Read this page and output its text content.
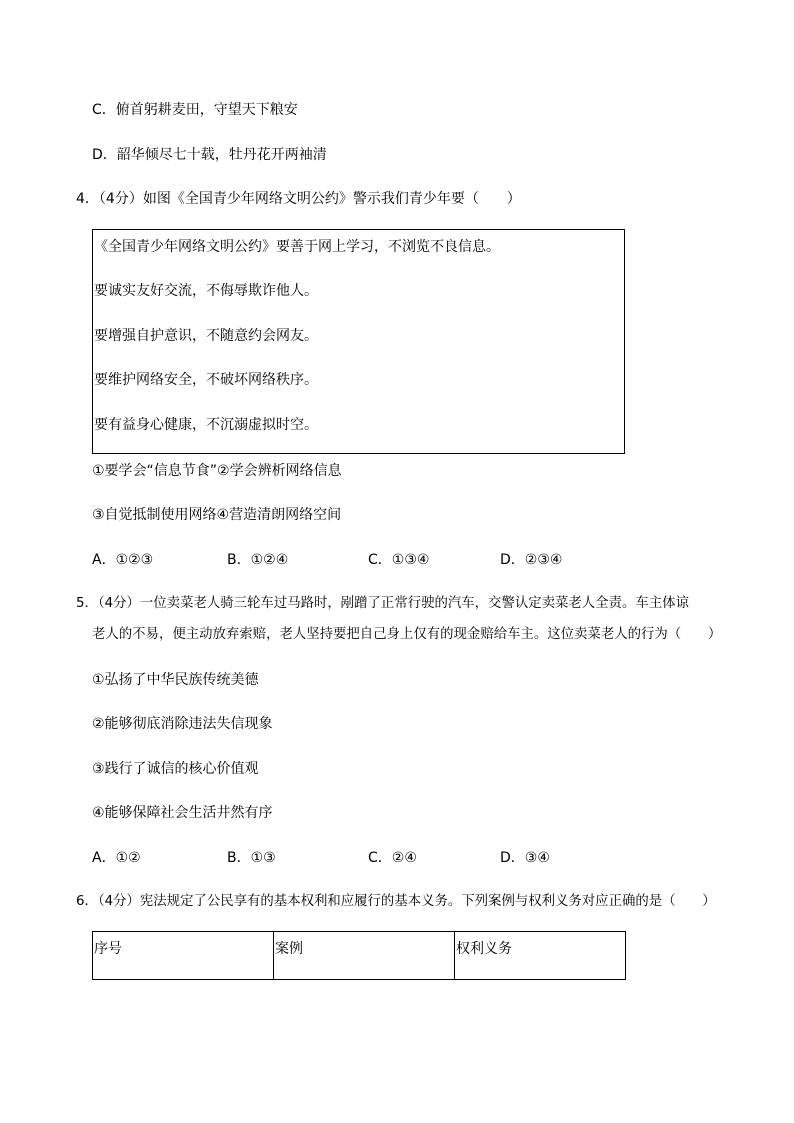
C．俯首躬耕麦田，守望天下粮安
D．韶华倾尽七十载，牡丹花开两袖清
4．（4分）如图《全国青少年网络文明公约》警示我们青少年要（　　）
《全国青少年网络文明公约》要善于网上学习，不浏览不良信息。
要诚实友好交流，不侮辱欺诈他人。
要增强自护意识，不随意约会网友。
要维护网络安全，不破坏网络秩序。
要有益身心健康，不沉溺虚拟时空。
①要学会“信息节食”②学会辨析网络信息
③自觉抵制使用网络④营造清朗网络空间
A．①②③	B．①②④	C．①③④	D．②③④
5．（4分）一位卖菜老人骑三轮车过马路时，剐蹭了正常行驶的汽车，交警认定卖菜老人全责。车主体谅
老人的不易，便主动放弃索赔，老人坚持要把自己身上仅有的现金赔给车主。这位卖菜老人的行为（　　）
①弘扬了中华民族传统美德
②能够彻底消除违法失信现象
③践行了诚信的核心价值观
④能够保障社会生活井然有序
A．①②	B．①③	C．②④	D．③④
6．（4分）宪法规定了公民享有的基本权利和应履行的基本义务。下列案例与权利义务对应正确的是（　　）
序号	案例	权利义务
